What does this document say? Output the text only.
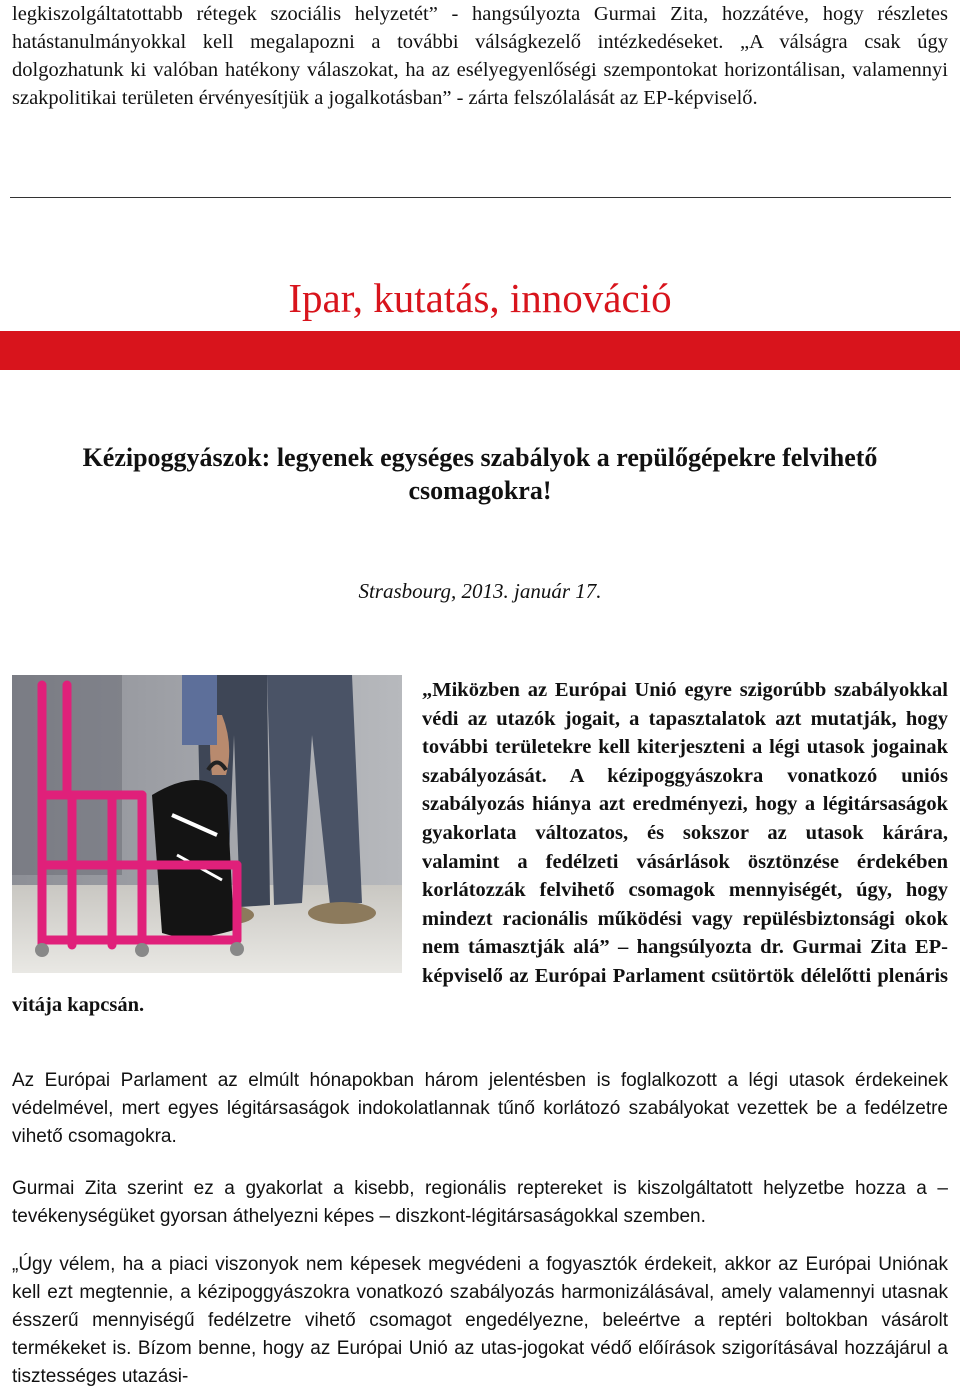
legkiszolgáltatottabb rétegek szociális helyzetét” - hangsúlyozta Gurmai Zita, hozzátéve, hogy részletes hatástanulmányokkal kell megalapozni a további válságkezelő intézkedéseket. „A válságra csak úgy dolgozhatunk ki valóban hatékony válaszokat, ha az esélyegyenlőségi szempontokat horizontálisan, valamennyi szakpolitikai területen érvényesítjük a jogalkotásban” - zárta felszólalását az EP-képviselő.

Ipar, kutatás, innováció
Kézipoggyászok: legyenek egységes szabályok a repülőgépekre felvihető csomagokra!
Strasbourg, 2013. január 17.

„Miközben az Európai Unió egyre szigorúbb szabályokkal védi az utazók jogait, a tapasztalatok azt mutatják, hogy további területekre kell kiterjeszteni a légi utasok jogainak szabályozását. A kézipoggyászokra vonatkozó uniós szabályozás hiánya azt eredményezi, hogy a légitársaságok gyakorlata változatos, és sokszor az utasok kárára, valamint a fedélzeti vásárlások ösztönzése érdekében korlátozzák felvihető csomagok mennyiségét, úgy, hogy mindezt racionális működési vagy repülésbiztonsági okok nem támasztják alá” – hangsúlyozta dr. Gurmai Zita EP-képviselő az Európai Parlament csütörtök délelőtti plenáris vitája kapcsán.

Az Európai Parlament az elmúlt hónapokban három jelentésben is foglalkozott a légi utasok érdekeinek védelmével, mert egyes légitársaságok indokolatlannak tűnő korlátozó szabályokat vezettek be a fedélzetre vihető csomagokra.

Gurmai Zita szerint ez a gyakorlat a kisebb, regionális reptereket is kiszolgáltatott helyzetbe hozza a – tevékenységüket gyorsan áthelyezni képes – diszkont-légitársaságokkal szemben.

„Úgy vélem, ha a piaci viszonyok nem képesek megvédeni a fogyasztók érdekeit, akkor az Európai Uniónak kell ezt megtennie, a kézipoggyászokra vonatkozó szabályozás harmonizálásával, amely valamennyi utasnak ésszerű mennyiségű fedélzetre vihető csomagot engedélyezne, beleértve a reptéri boltokban vásárolt termékeket is. Bízom benne, hogy az Európai Unió az utas-jogokat védő előírások szigorításával hozzájárul a tisztességes utazási-
